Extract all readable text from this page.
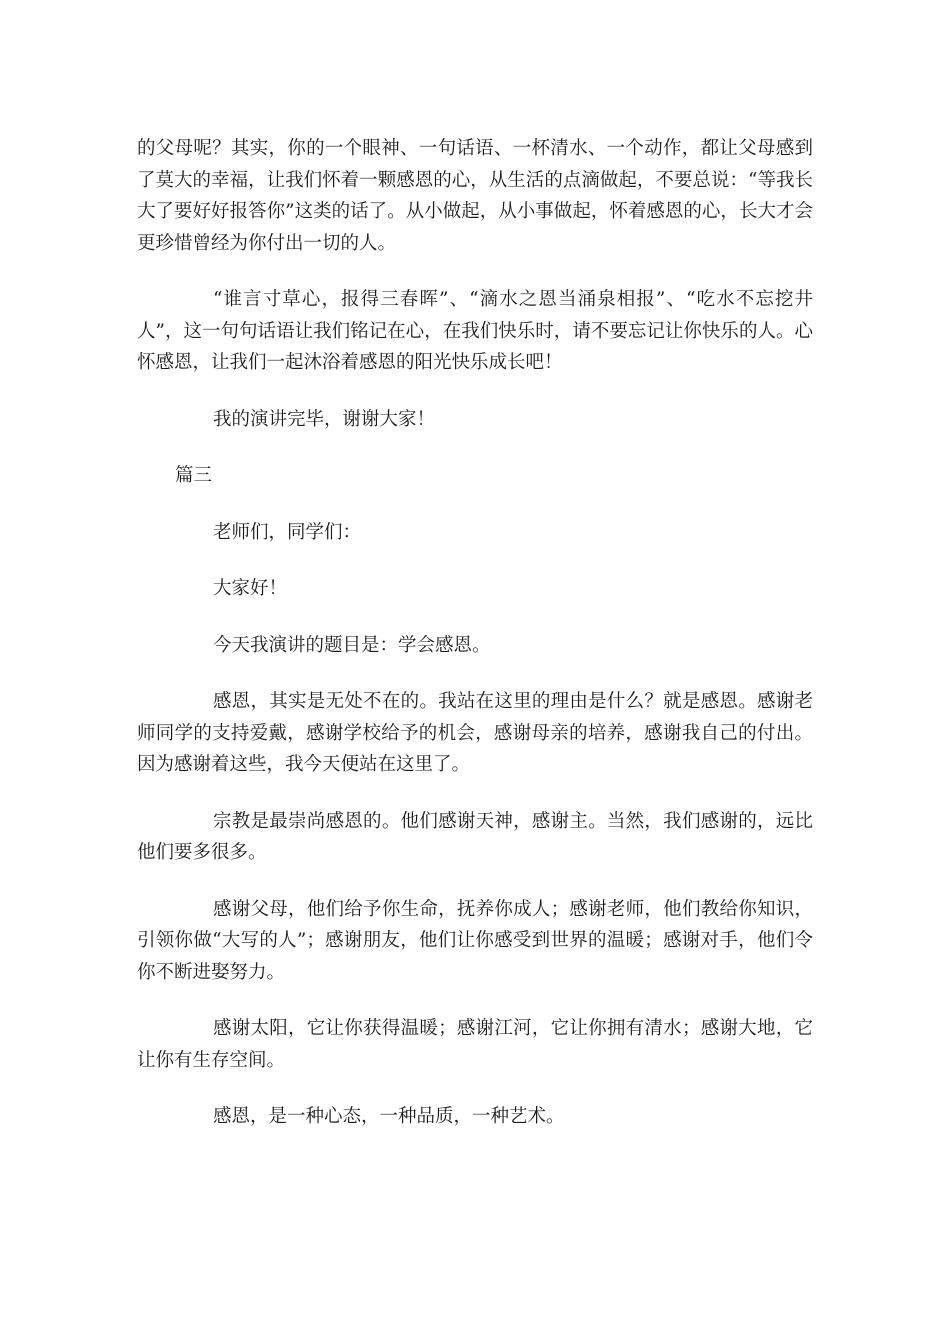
的父母呢？其实，你的一个眼神、一句话语、一杯清水、一个动作，都让父母感到了莫大的幸福，让我们怀着一颗感恩的心，从生活的点滴做起，不要总说：“等我长大了要好好报答你”这类的话了。从小做起，从小事做起，怀着感恩的心，长大才会更珍惜曾经为你付出一切的人。

“谁言寸草心，报得三春晖”、“滴水之恩当涌泉相报”、“吃水不忘挖井人”，这一句句话语让我们铭记在心，在我们快乐时，请不要忘记让你快乐的人。心怀感恩，让我们一起沐浴着感恩的阳光快乐成长吧！

我的演讲完毕，谢谢大家！

篇三

老师们，同学们：

大家好！

今天我演讲的题目是：学会感恩。

感恩，其实是无处不在的。我站在这里的理由是什么？就是感恩。感谢老师同学的支持爱戴，感谢学校给予的机会，感谢母亲的培养，感谢我自己的付出。因为感谢着这些，我今天便站在这里了。

宗教是最崇尚感恩的。他们感谢天神，感谢主。当然，我们感谢的，远比他们要多很多。

感谢父母，他们给予你生命，抚养你成人；感谢老师，他们教给你知识，引领你做“大写的人”；感谢朋友，他们让你感受到世界的温暖；感谢对手，他们令你不断进娶努力。

感谢太阳，它让你获得温暖；感谢江河，它让你拥有清水；感谢大地，它让你有生存空间。

感恩，是一种心态，一种品质，一种艺术。
